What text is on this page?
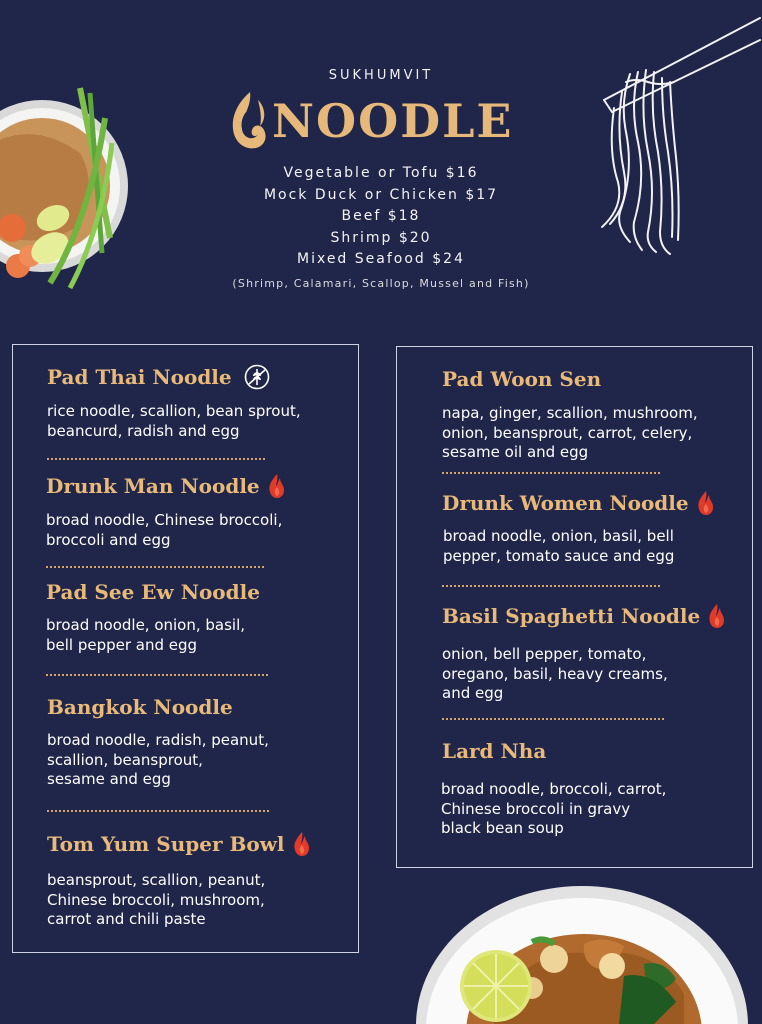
SUKHUMVIT
NOODLE
Vegetable or Tofu $16
Mock Duck or Chicken $17
Beef $18
Shrimp $20
Mixed Seafood $24
(Shrimp, Calamari, Scallop, Mussel and Fish)
Pad Thai Noodle
rice noodle, scallion, bean sprout,
beancurd, radish and egg
Drunk Man Noodle
broad noodle, Chinese broccoli,
broccoli and egg
Pad See Ew Noodle
broad noodle, onion, basil,
bell pepper and egg
Bangkok Noodle
broad noodle, radish, peanut,
scallion, beansprout,
sesame and egg
Tom Yum Super Bowl
beansprout, scallion, peanut,
Chinese broccoli, mushroom,
carrot and chili paste
Pad Woon Sen
napa, ginger, scallion, mushroom,
onion, beansprout, carrot, celery,
sesame oil and egg
Drunk Women Noodle
broad noodle, onion, basil, bell
pepper, tomato sauce and egg
Basil Spaghetti Noodle
onion, bell pepper, tomato,
oregano, basil, heavy creams,
and egg
Lard Nha
broad noodle, broccoli, carrot,
Chinese broccoli in gravy
black bean soup
